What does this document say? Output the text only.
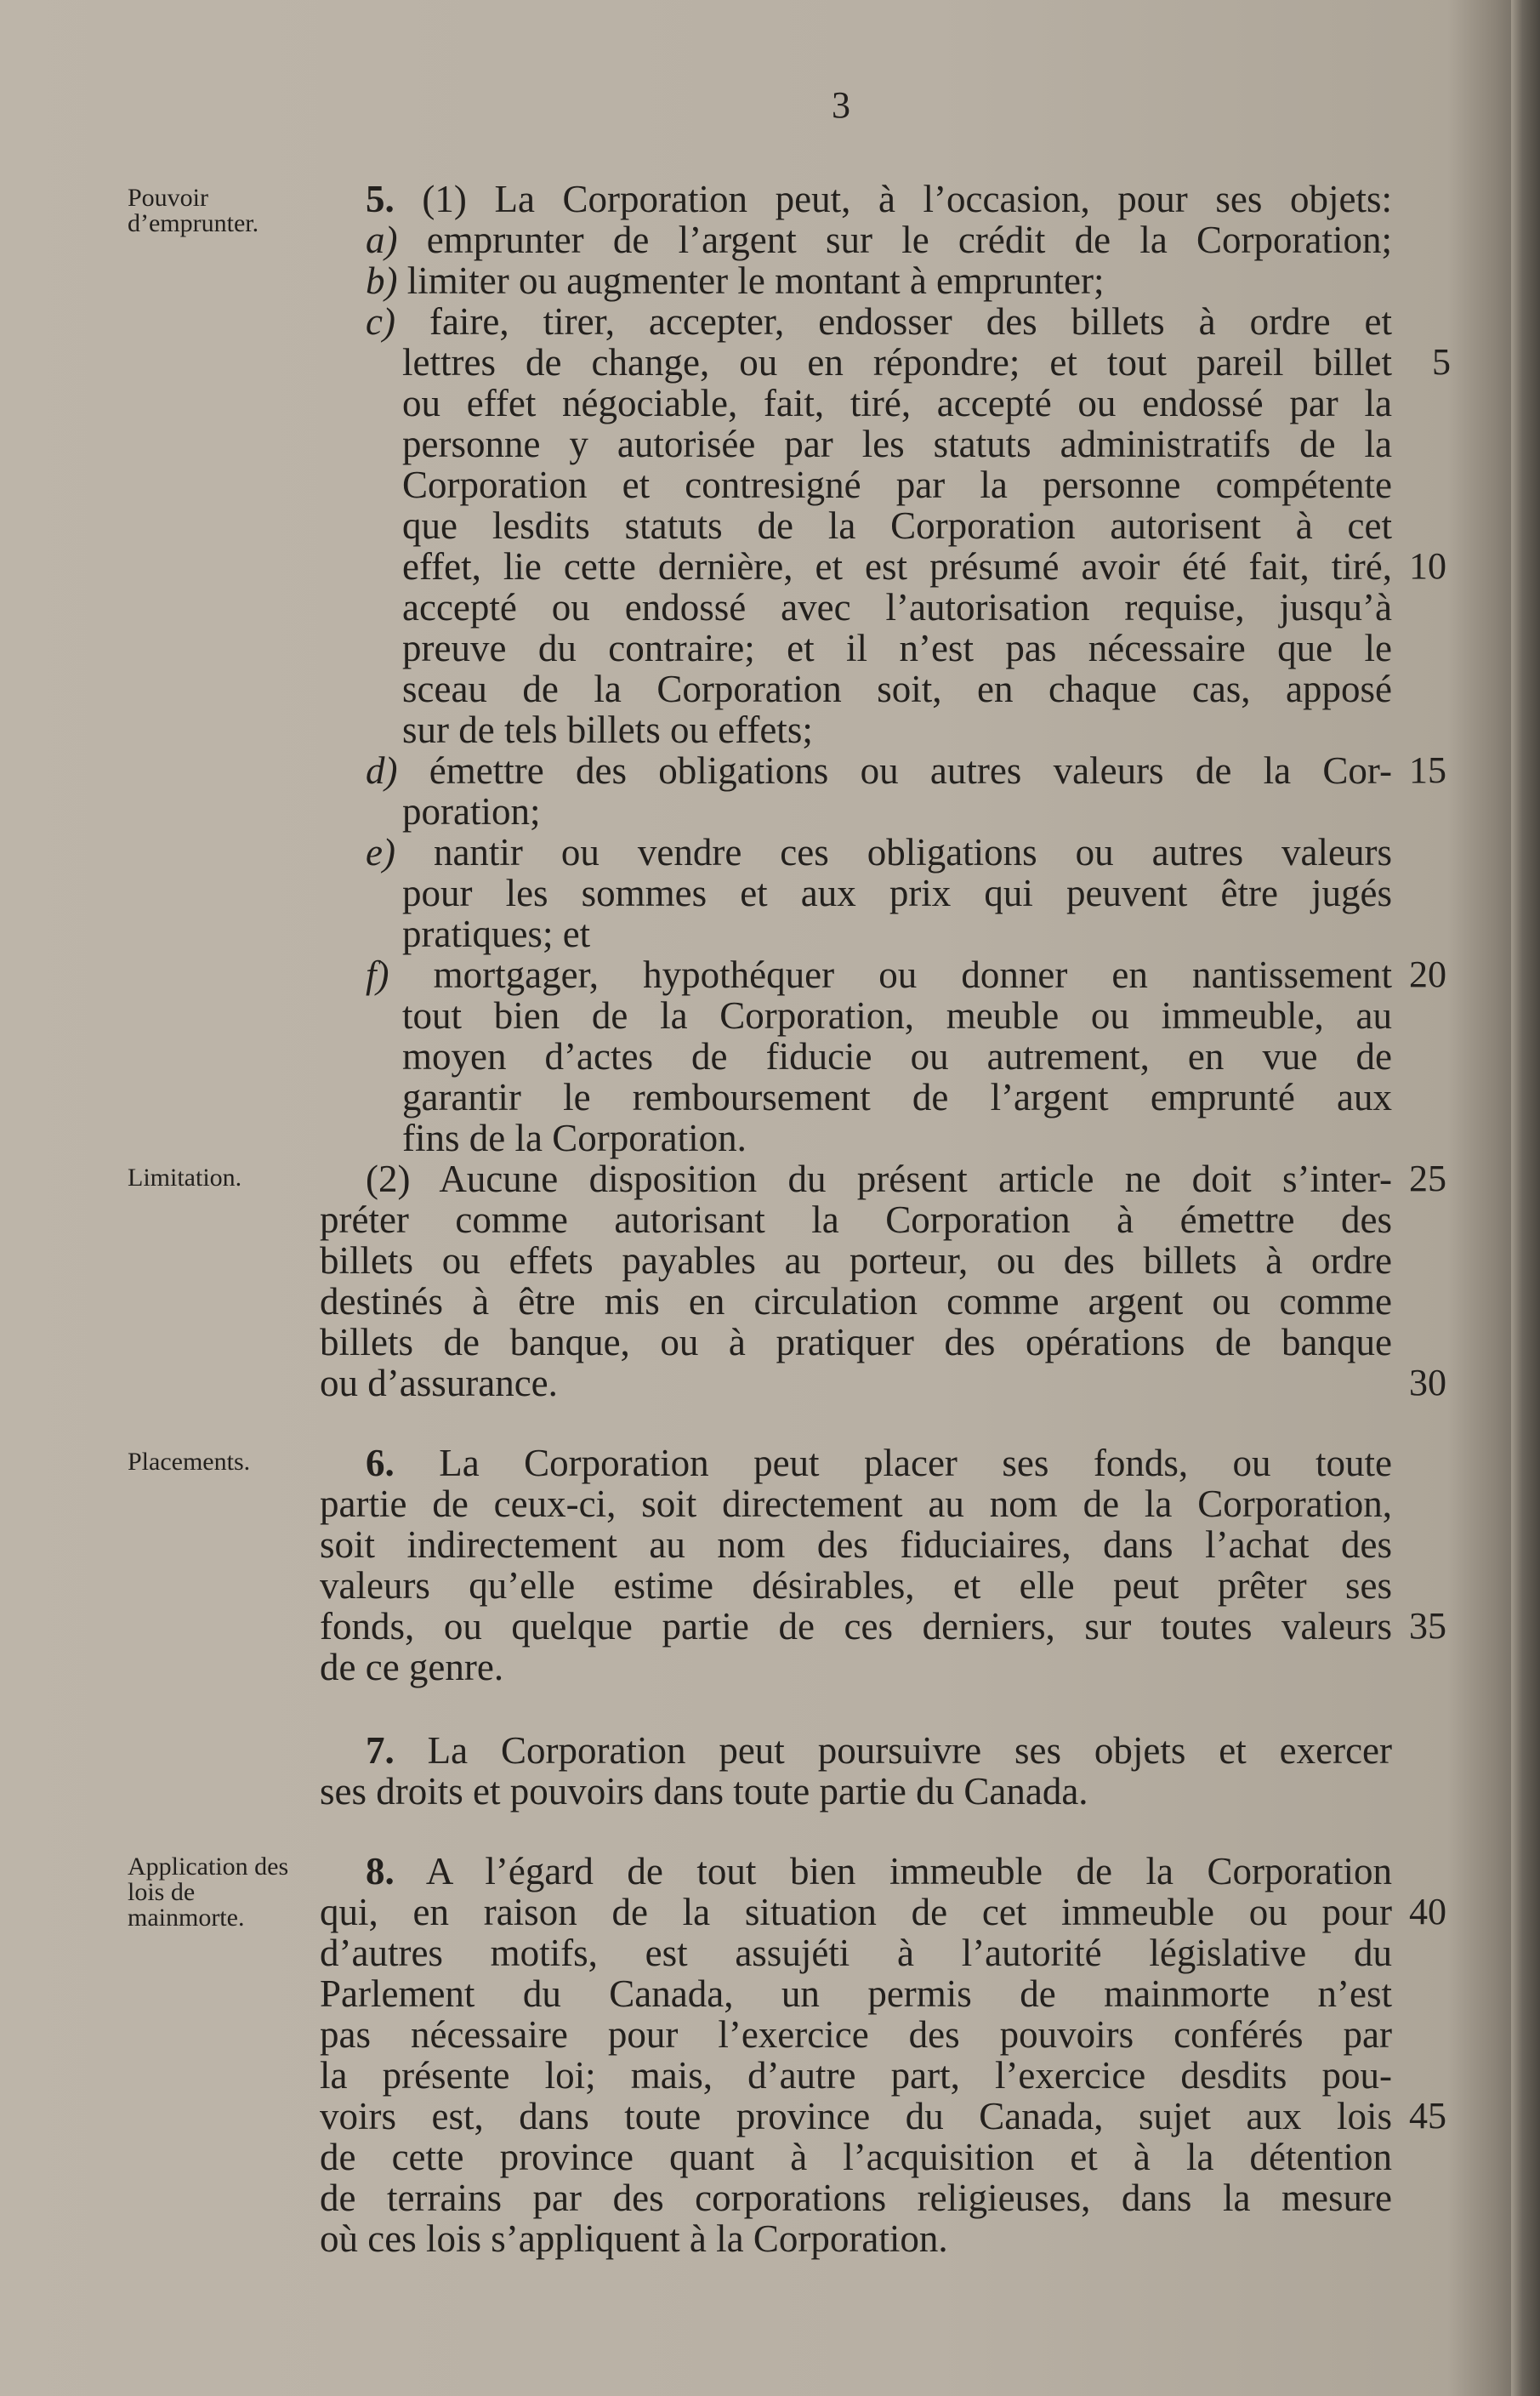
3
Pouvoir d’emprunter.
Limitation.
Placements.
Application des lois de mainmorte.
5. (1) La Corporation peut, à l’occasion, pour ses objets:
a) emprunter de l’argent sur le crédit de la Corporation;
b) limiter ou augmenter le montant à emprunter;
c) faire, tirer, accepter, endosser des billets à ordre et
lettres de change, ou en répondre; et tout pareil billet
ou effet négociable, fait, tiré, accepté ou endossé par la
personne y autorisée par les statuts administratifs de la
Corporation et contresigné par la personne compétente
que lesdits statuts de la Corporation autorisent à cet
effet, lie cette dernière, et est présumé avoir été fait, tiré,
accepté ou endossé avec l’autorisation requise, jusqu’à
preuve du contraire; et il n’est pas nécessaire que le
sceau de la Corporation soit, en chaque cas, apposé
sur de tels billets ou effets;
d) émettre des obligations ou autres valeurs de la Cor-
poration;
e) nantir ou vendre ces obligations ou autres valeurs
pour les sommes et aux prix qui peuvent être jugés
pratiques; et
f) mortgager, hypothéquer ou donner en nantissement
tout bien de la Corporation, meuble ou immeuble, au
moyen d’actes de fiducie ou autrement, en vue de
garantir le remboursement de l’argent emprunté aux
fins de la Corporation.
(2) Aucune disposition du présent article ne doit s’inter-
préter comme autorisant la Corporation à émettre des
billets ou effets payables au porteur, ou des billets à ordre
destinés à être mis en circulation comme argent ou comme
billets de banque, ou à pratiquer des opérations de banque
ou d’assurance.
6. La Corporation peut placer ses fonds, ou toute
partie de ceux-ci, soit directement au nom de la Corporation,
soit indirectement au nom des fiduciaires, dans l’achat des
valeurs qu’elle estime désirables, et elle peut prêter ses
fonds, ou quelque partie de ces derniers, sur toutes valeurs
de ce genre.
7. La Corporation peut poursuivre ses objets et exercer
ses droits et pouvoirs dans toute partie du Canada.
8. A l’égard de tout bien immeuble de la Corporation
qui, en raison de la situation de cet immeuble ou pour
d’autres motifs, est assujéti à l’autorité législative du
Parlement du Canada, un permis de mainmorte n’est
pas nécessaire pour l’exercice des pouvoirs conférés par
la présente loi; mais, d’autre part, l’exercice desdits pou-
voirs est, dans toute province du Canada, sujet aux lois
de cette province quant à l’acquisition et à la détention
de terrains par des corporations religieuses, dans la mesure
où ces lois s’appliquent à la Corporation.
5
10
15
20
25
30
35
40
45
